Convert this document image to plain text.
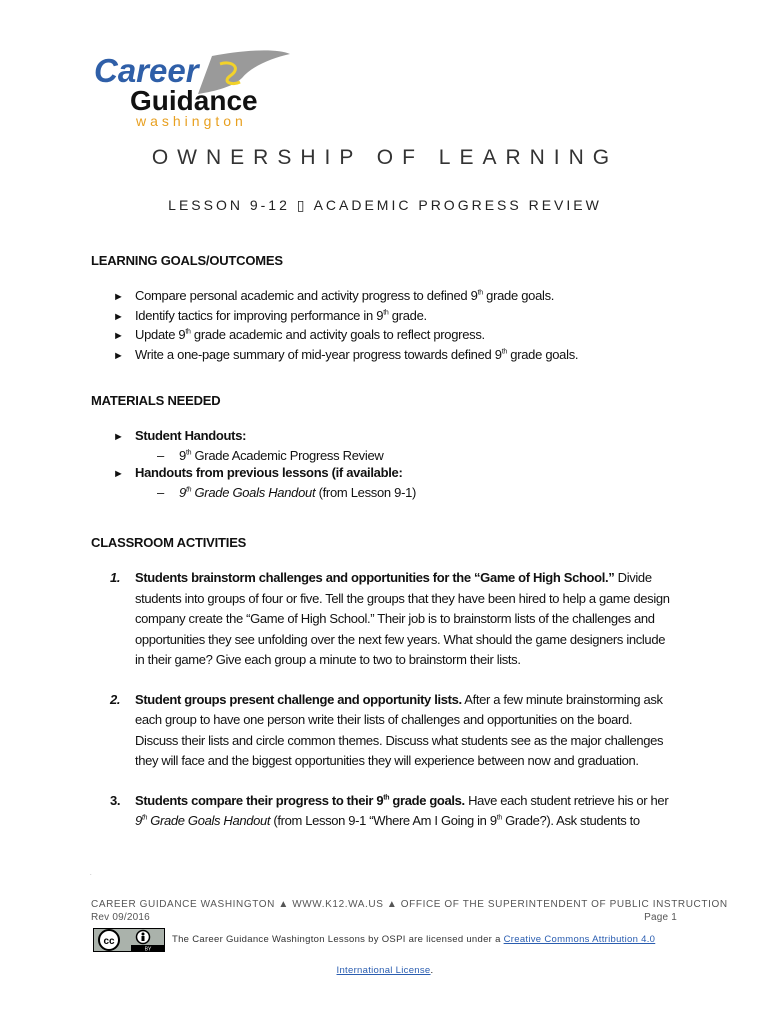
Career
Guidance
washington
OWNERSHIP OF LEARNING
LESSON 9-12 ▯ ACADEMIC PROGRESS REVIEW
LEARNING GOALS/OUTCOMES
► Compare personal academic and activity progress to defined 9th grade goals.
► Identify tactics for improving performance in 9th grade.
► Update 9th grade academic and activity goals to reflect progress.
► Write a one-page summary of mid-year progress towards defined 9th grade goals.
MATERIALS NEEDED
► Student Handouts:
– 9th Grade Academic Progress Review
► Handouts from previous lessons (if available:
– 9th Grade Goals Handout (from Lesson 9-1)
CLASSROOM ACTIVITIES
1.	Students brainstorm challenges and opportunities for the “Game of High School.” Divide students into groups of four or five. Tell the groups that they have been hired to help a game design company create the “Game of High School.” Their job is to brainstorm lists of the challenges and opportunities they see unfolding over the next few years. What should the game designers include in their game? Give each group a minute to two to brainstorm their lists.
2.	Student groups present challenge and opportunity lists. After a few minute brainstorming ask each group to have one person write their lists of challenges and opportunities on the board. Discuss their lists and circle common themes. Discuss what students see as the major challenges they will face and the biggest opportunities they will experience between now and graduation.
3.	Students compare their progress to their 9th grade goals. Have each student retrieve his or her 9th Grade Goals Handout (from Lesson 9-1 “Where Am I Going in 9th Grade?). Ask students to
.
CAREER GUIDANCE WASHINGTON ▲ WWW.K12.WA.US ▲ OFFICE OF THE SUPERINTENDENT OF PUBLIC INSTRUCTION
Rev 09/2016	Page 1
cc
BY
The Career Guidance Washington Lessons by OSPI are licensed under a Creative Commons Attribution 4.0
International License.
